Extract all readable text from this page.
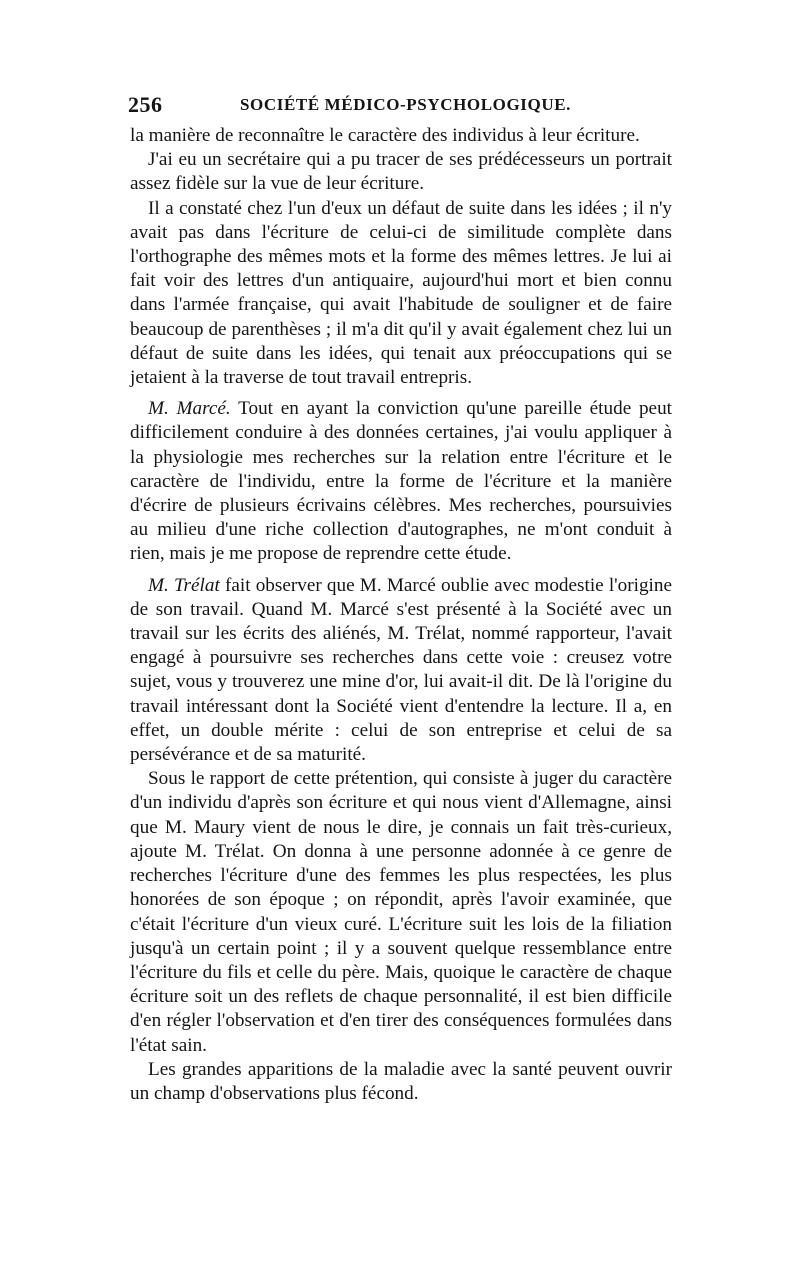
256	SOCIÉTÉ MÉDICO-PSYCHOLOGIQUE.

la manière de reconnaître le caractère des individus à leur écriture.

J'ai eu un secrétaire qui a pu tracer de ses prédécesseurs un portrait assez fidèle sur la vue de leur écriture.

Il a constaté chez l'un d'eux un défaut de suite dans les idées ; il n'y avait pas dans l'écriture de celui-ci de similitude complète dans l'orthographe des mêmes mots et la forme des mêmes lettres. Je lui ai fait voir des lettres d'un antiquaire, aujourd'hui mort et bien connu dans l'armée française, qui avait l'habitude de souligner et de faire beaucoup de parenthèses ; il m'a dit qu'il y avait également chez lui un défaut de suite dans les idées, qui tenait aux préoccupations qui se jetaient à la traverse de tout travail entrepris.

M. Marcé. Tout en ayant la conviction qu'une pareille étude peut difficilement conduire à des données certaines, j'ai voulu appliquer à la physiologie mes recherches sur la relation entre l'écriture et le caractère de l'individu, entre la forme de l'écriture et la manière d'écrire de plusieurs écrivains célèbres. Mes recherches, poursuivies au milieu d'une riche collection d'autographes, ne m'ont conduit à rien, mais je me propose de reprendre cette étude.

M. Trélat fait observer que M. Marcé oublie avec modestie l'origine de son travail. Quand M. Marcé s'est présenté à la Société avec un travail sur les écrits des aliénés, M. Trélat, nommé rapporteur, l'avait engagé à poursuivre ses recherches dans cette voie : creusez votre sujet, vous y trouverez une mine d'or, lui avait-il dit. De là l'origine du travail intéressant dont la Société vient d'entendre la lecture. Il a, en effet, un double mérite : celui de son entreprise et celui de sa persévérance et de sa maturité.

Sous le rapport de cette prétention, qui consiste à juger du caractère d'un individu d'après son écriture et qui nous vient d'Allemagne, ainsi que M. Maury vient de nous le dire, je connais un fait très-curieux, ajoute M. Trélat. On donna à une personne adonnée à ce genre de recherches l'écriture d'une des femmes les plus respectées, les plus honorées de son époque ; on répondit, après l'avoir examinée, que c'était l'écriture d'un vieux curé. L'écriture suit les lois de la filiation jusqu'à un certain point ; il y a souvent quelque ressemblance entre l'écriture du fils et celle du père. Mais, quoique le caractère de chaque écriture soit un des reflets de chaque personnalité, il est bien difficile d'en régler l'observation et d'en tirer des conséquences formulées dans l'état sain.

Les grandes apparitions de la maladie avec la santé peuvent ouvrir un champ d'observations plus fécond.
